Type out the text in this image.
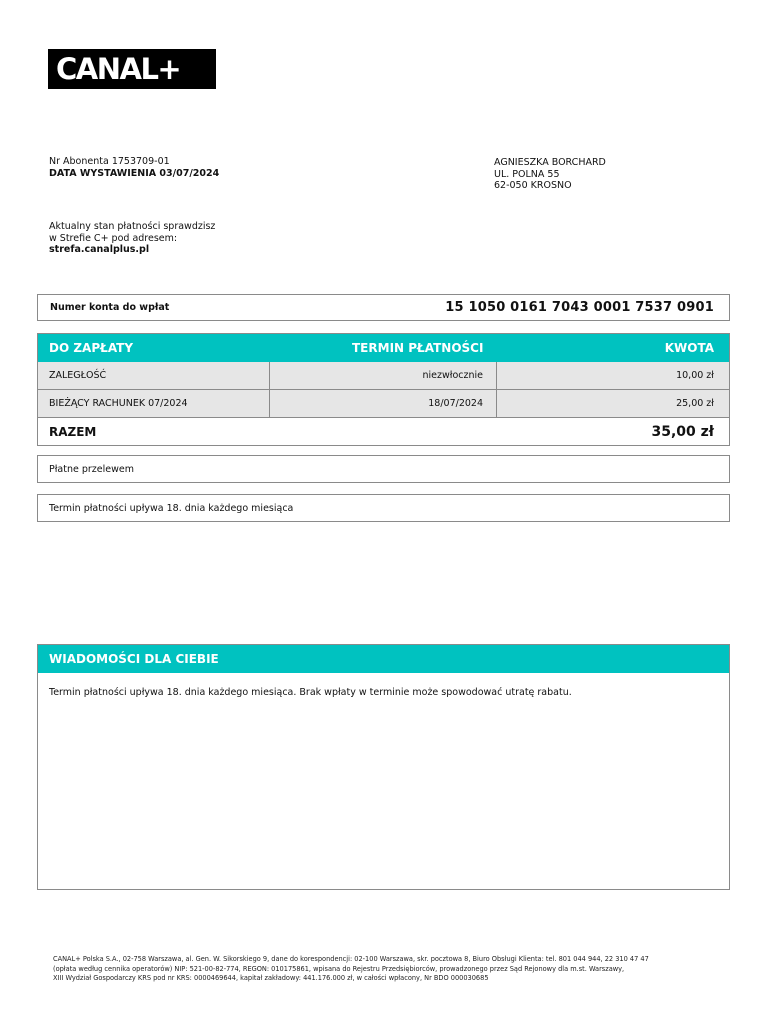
CANAL+
Nr Abonenta 1753709-01
DATA WYSTAWIENIA 03/07/2024
AGNIESZKA BORCHARD
UL. POLNA 55
62-050 KROSNO
Aktualny stan płatności sprawdzisz
w Strefie C+ pod adresem:
strefa.canalplus.pl
Numer konta do wpłat	15 1050 0161 7043 0001 7537 0901
DO ZAPŁATY	TERMIN PŁATNOŚCI	KWOTA
ZALEGŁOŚĆ	niezwłocznie	10,00 zł
BIEŻĄCY RACHUNEK 07/2024	18/07/2024	25,00 zł
RAZEM	35,00 zł
Płatne przelewem
Termin płatności upływa 18. dnia każdego miesiąca
WIADOMOŚCI DLA CIEBIE
Termin płatności upływa 18. dnia każdego miesiąca. Brak wpłaty w terminie może spowodować utratę rabatu.
CANAL+ Polska S.A., 02-758 Warszawa, al. Gen. W. Sikorskiego 9, dane do korespondencji: 02-100 Warszawa, skr. pocztowa 8, Biuro Obsługi Klienta: tel. 801 044 944, 22 310 47 47
(opłata według cennika operatorów) NIP: 521-00-82-774, REGON: 010175861, wpisana do Rejestru Przedsiębiorców, prowadzonego przez Sąd Rejonowy dla m.st. Warszawy,
XIII Wydział Gospodarczy KRS pod nr KRS: 0000469644, kapitał zakładowy: 441.176.000 zł, w całości wpłacony, Nr BDO 000030685
